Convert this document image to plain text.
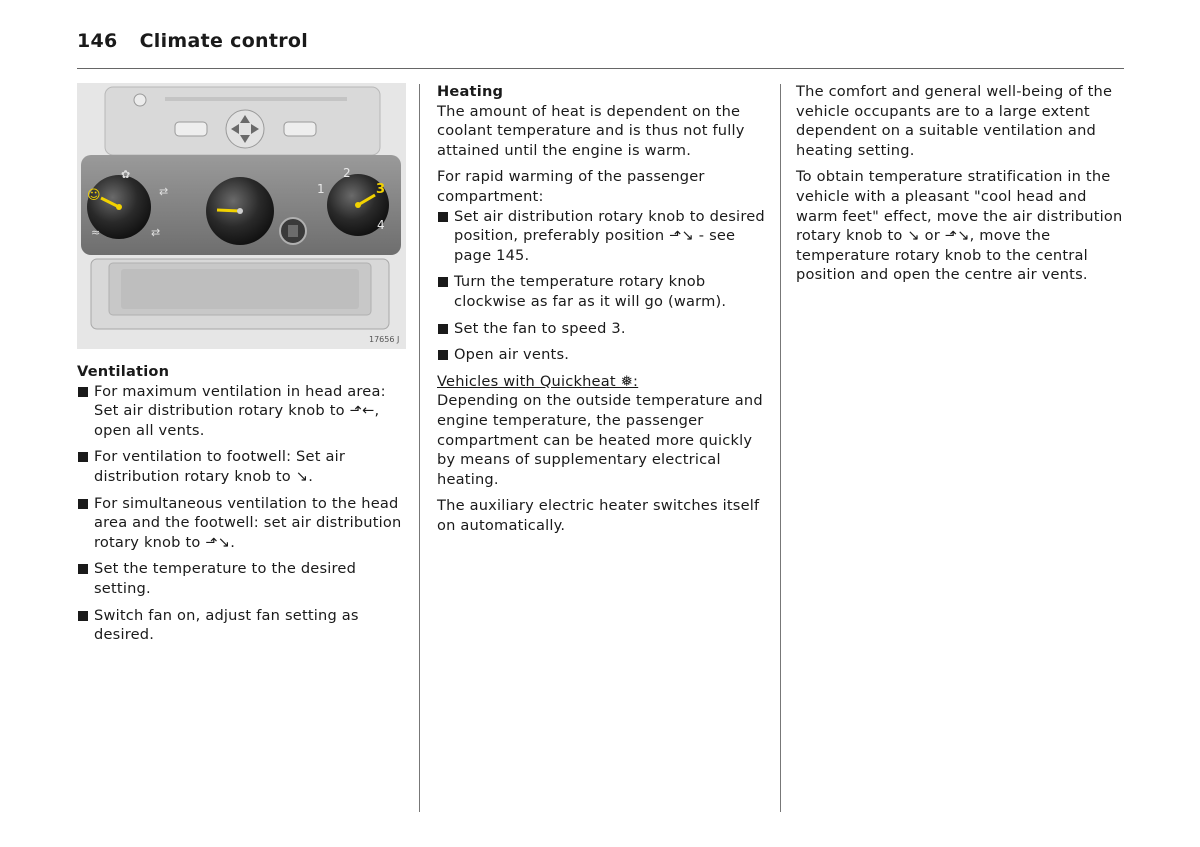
146 Climate control
☺
≈
✿
⇄
⇄
1
2
3
4
17656 J

Ventilation

For maximum ventilation in head area: Set air distribution rotary knob to ⬏←, open all vents.
For ventilation to footwell: Set air distribution rotary knob to ↘.
For simultaneous ventilation to the head area and the footwell: set air distribution rotary knob to ⬏↘.
Set the temperature to the desired setting.
Switch fan on, adjust fan setting as desired.

Heating

The amount of heat is dependent on the coolant temperature and is thus not fully attained until the engine is warm.

For rapid warming of the passenger compartment:

Set air distribution rotary knob to desired position, preferably position ⬏↘ - see page 145.
Turn the temperature rotary knob clockwise as far as it will go (warm).
Set the fan to speed 3.
Open air vents.

Vehicles with Quickheat ❅:

Depending on the outside temperature and engine temperature, the passenger compartment can be heated more quickly by means of supplementary electrical heating.

The auxiliary electric heater switches itself on automatically.

The comfort and general well-being of the vehicle occupants are to a large extent dependent on a suitable ventilation and heating setting.

To obtain temperature stratification in the vehicle with a pleasant "cool head and warm feet" effect, move the air distribution rotary knob to ↘ or ⬏↘, move the temperature rotary knob to the central position and open the centre air vents.
